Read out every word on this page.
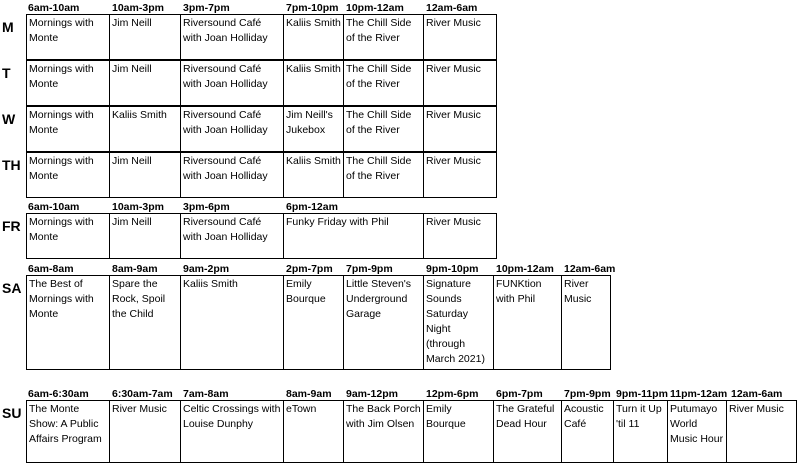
6am-10am	10am-3pm 3pm-7pm	7pm-10pm 10pm-12am 12am-6am
M	Mornings with Monte	Jim Neill	Riversound Café with Joan Holliday	Kaliis Smith	The Chill Side of the River	River Music
T	Mornings with Monte	Jim Neill	Riversound Café with Joan Holliday	Kaliis Smith	The Chill Side of the River	River Music
W	Mornings with Monte	Kaliis Smith	Riversound Café with Joan Holliday	Jim Neill's Jukebox	The Chill Side of the River	River Music
TH Mornings with Monte	Jim Neill	Riversound Café with Joan Holliday	Kaliis Smith	The Chill Side of the River	River Music
6am-10am	10am-3pm 3pm-6pm	6pm-12am
FR Mornings with Monte	Jim Neill	Riversound Café with Joan Holliday	Funky Friday with Phil	River Music
6am-8am	8am-9am 9am-2pm	2pm-7pm 7pm-9pm	9pm-10pm 10pm-12am 12am-6am
SA The Best of Mornings with Monte	Spare the Rock, Spoil the Child	Kaliis Smith	Emily Bourque	Little Steven's Underground Garage	Signature Sounds Saturday Night (through March 2021)	FUNKtion with Phil	River Music
6am-6:30am 6:30am-7am 7am-8am	8am-9am 9am-12pm	12pm-6pm 6pm-7pm 7pm-9pm 9pm-11pm 11pm-12am 12am-6am
SU The Monte Show: A Public Affairs Program	River Music	Celtic Crossings with Louise Dunphy	eTown	The Back Porch with Jim Olsen	Emily Bourque	The Grateful Dead Hour	Acoustic Café	Turn it Up 'til 11	Putumayo World Music Hour	River Music
